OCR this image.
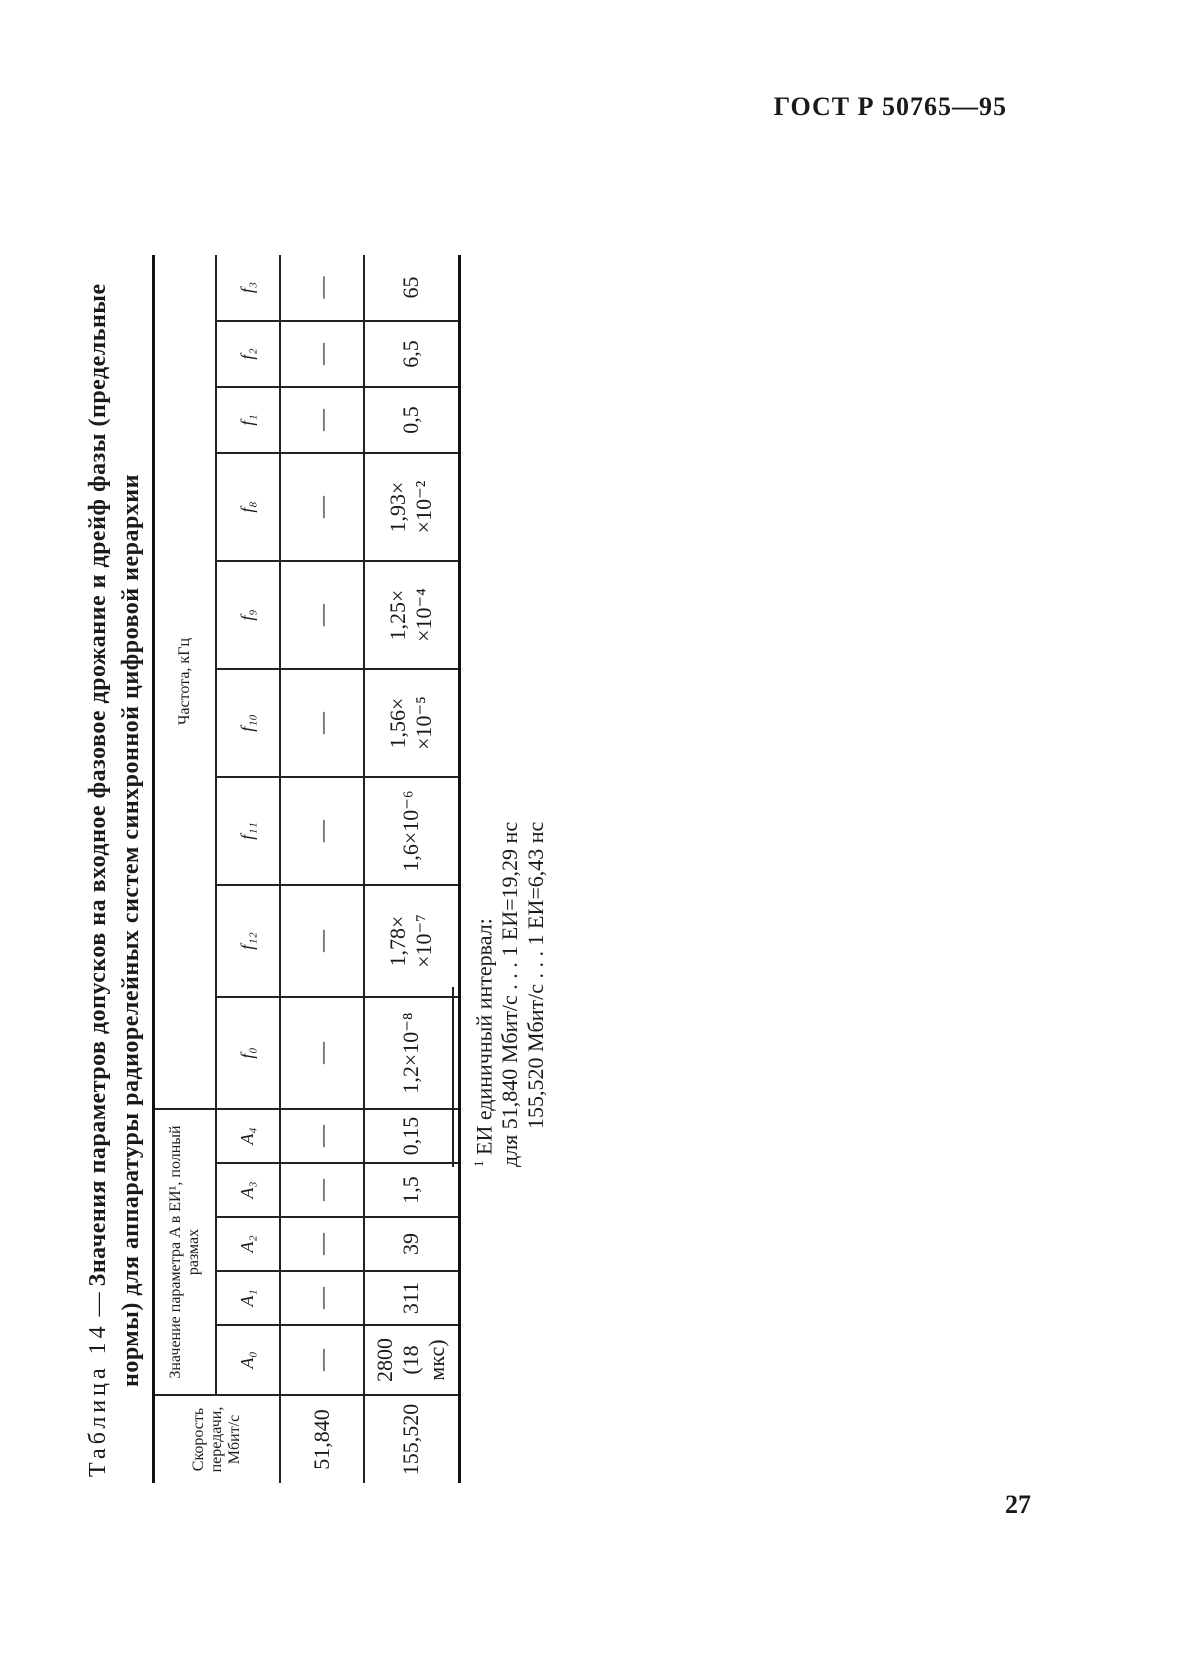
ГОСТ Р 50765—95
Таблица 14 — Значения параметров допусков на входное фазовое дрожание и дрейф фазы (предельные нормы) для аппаратуры радиорелейных систем синхронной цифровой иерархии
Скорость передачи, Мбит/с	Значение параметра A в ЕИ¹, полный размах					Частота, кГц								
	A₀	A₁	A₂	A₃	A₄	f₀	f₁₂	f₁₁	f₁₀	f₉	f₈	f₁	f₂	f₃
51,840	—	—	—	—	—	—	—	—	—	—	—	—	—	—
155,520	2800 (18 мкс)	311	39	1,5	0,15	1,2×10⁻⁸	1,78× ×10⁻⁷	1,6×10⁻⁶	1,56× ×10⁻⁵	1,25× ×10⁻⁴	1,93× ×10⁻²	0,5	6,5	65
$^1$ ЕИ единичный интервал: для 51,840 Мбит/с . . . 1 ЕИ=19,29 нс 155,520 Мбит/с . . . 1 ЕИ=6,43 нс
27
